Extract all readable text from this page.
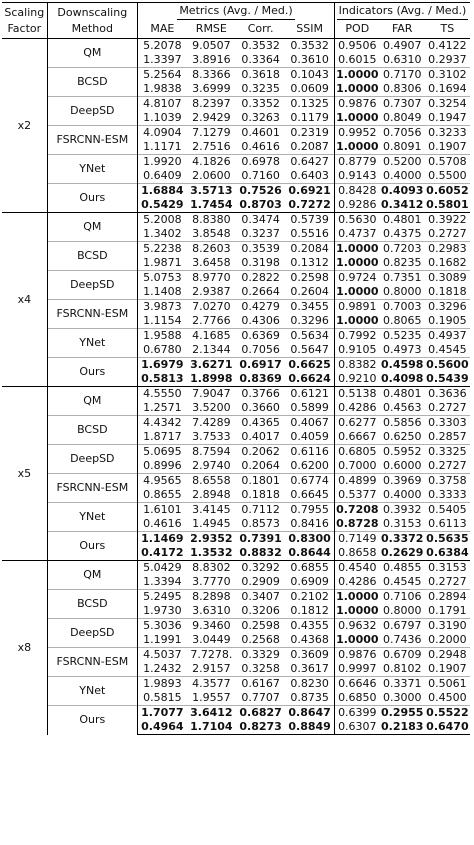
Scaling Factor	Downscaling Method	Metrics (Avg. / Med.)				Indicators (Avg. / Med.)		
		MAE	RMSE	Corr.	SSIM	POD	FAR	TS
x2	QM	5.2078	9.0507	0.3532	0.3532	0.9506	0.4907	0.4122
		1.3397	3.8916	0.3364	0.3610	0.6015	0.6310	0.2937
	BCSD	5.2564	8.3366	0.3618	0.1043	1.0000	0.7170	0.3102
		1.9838	3.6999	0.3235	0.0609	1.0000	0.8306	0.1694
	DeepSD	4.8107	8.2397	0.3352	0.1325	0.9876	0.7307	0.3254
		1.1039	2.9429	0.3263	0.1179	1.0000	0.8049	0.1947
	FSRCNN-ESM	4.0904	7.1279	0.4601	0.2319	0.9952	0.7056	0.3233
		1.1171	2.7516	0.4616	0.2087	1.0000	0.8091	0.1907
	YNet	1.9920	4.1826	0.6978	0.6427	0.8779	0.5200	0.5708
		0.6409	2.0600	0.7160	0.6403	0.9143	0.4000	0.5500
	Ours	1.6884	3.5713	0.7526	0.6921	0.8428	0.4093	0.6052
		0.5429	1.7454	0.8703	0.7272	0.9286	0.3412	0.5801
x4	QM	5.2008	8.8380	0.3474	0.5739	0.5630	0.4801	0.3922
		1.3402	3.8548	0.3237	0.5516	0.4737	0.4375	0.2727
	BCSD	5.2238	8.2603	0.3539	0.2084	1.0000	0.7203	0.2983
		1.9871	3.6458	0.3198	0.1312	1.0000	0.8235	0.1682
	DeepSD	5.0753	8.9770	0.2822	0.2598	0.9724	0.7351	0.3089
		1.1408	2.9387	0.2664	0.2604	1.0000	0.8000	0.1818
	FSRCNN-ESM	3.9873	7.0270	0.4279	0.3455	0.9891	0.7003	0.3296
		1.1154	2.7766	0.4306	0.3296	1.0000	0.8065	0.1905
	YNet	1.9588	4.1685	0.6369	0.5634	0.7992	0.5235	0.4937
		0.6780	2.1344	0.7056	0.5647	0.9105	0.4973	0.4545
	Ours	1.6979	3.6271	0.6917	0.6625	0.8382	0.4598	0.5600
		0.5813	1.8998	0.8369	0.6624	0.9210	0.4098	0.5439
x5	QM	4.5550	7.9047	0.3766	0.6121	0.5138	0.4801	0.3636
		1.2571	3.5200	0.3660	0.5899	0.4286	0.4563	0.2727
	BCSD	4.4342	7.4289	0.4365	0.4067	0.6277	0.5856	0.3303
		1.8717	3.7533	0.4017	0.4059	0.6667	0.6250	0.2857
	DeepSD	5.0695	8.7594	0.2062	0.6116	0.6805	0.5952	0.3325
		0.8996	2.9740	0.2064	0.6200	0.7000	0.6000	0.2727
	FSRCNN-ESM	4.9565	8.6558	0.1801	0.6774	0.4899	0.3969	0.3758
		0.8655	2.8948	0.1818	0.6645	0.5377	0.4000	0.3333
	YNet	1.6101	3.4145	0.7112	0.7955	0.7208	0.3932	0.5405
		0.4616	1.4945	0.8573	0.8416	0.8728	0.3153	0.6113
	Ours	1.1469	2.9352	0.7391	0.8300	0.7149	0.3372	0.5635
		0.4172	1.3532	0.8832	0.8644	0.8658	0.2629	0.6384
x8	QM	5.0429	8.8302	0.3292	0.6855	0.4540	0.4855	0.3153
		1.3394	3.7770	0.2909	0.6909	0.4286	0.4545	0.2727
	BCSD	5.2495	8.2898	0.3407	0.2102	1.0000	0.7106	0.2894
		1.9730	3.6310	0.3206	0.1812	1.0000	0.8000	0.1791
	DeepSD	5.3036	9.3460	0.2598	0.4355	0.9632	0.6797	0.3190
		1.1991	3.0449	0.2568	0.4368	1.0000	0.7436	0.2000
	FSRCNN-ESM	4.5037	7.7278.	0.3329	0.3609	0.9876	0.6709	0.2948
		1.2432	2.9157	0.3258	0.3617	0.9997	0.8102	0.1907
	YNet	1.9893	4.3577	0.6167	0.8230	0.6646	0.3371	0.5061
		0.5815	1.9557	0.7707	0.8735	0.6850	0.3000	0.4500
	Ours	1.7077	3.6412	0.6827	0.8647	0.6399	0.2955	0.5522
		0.4964	1.7104	0.8273	0.8849	0.6307	0.2183	0.6470
